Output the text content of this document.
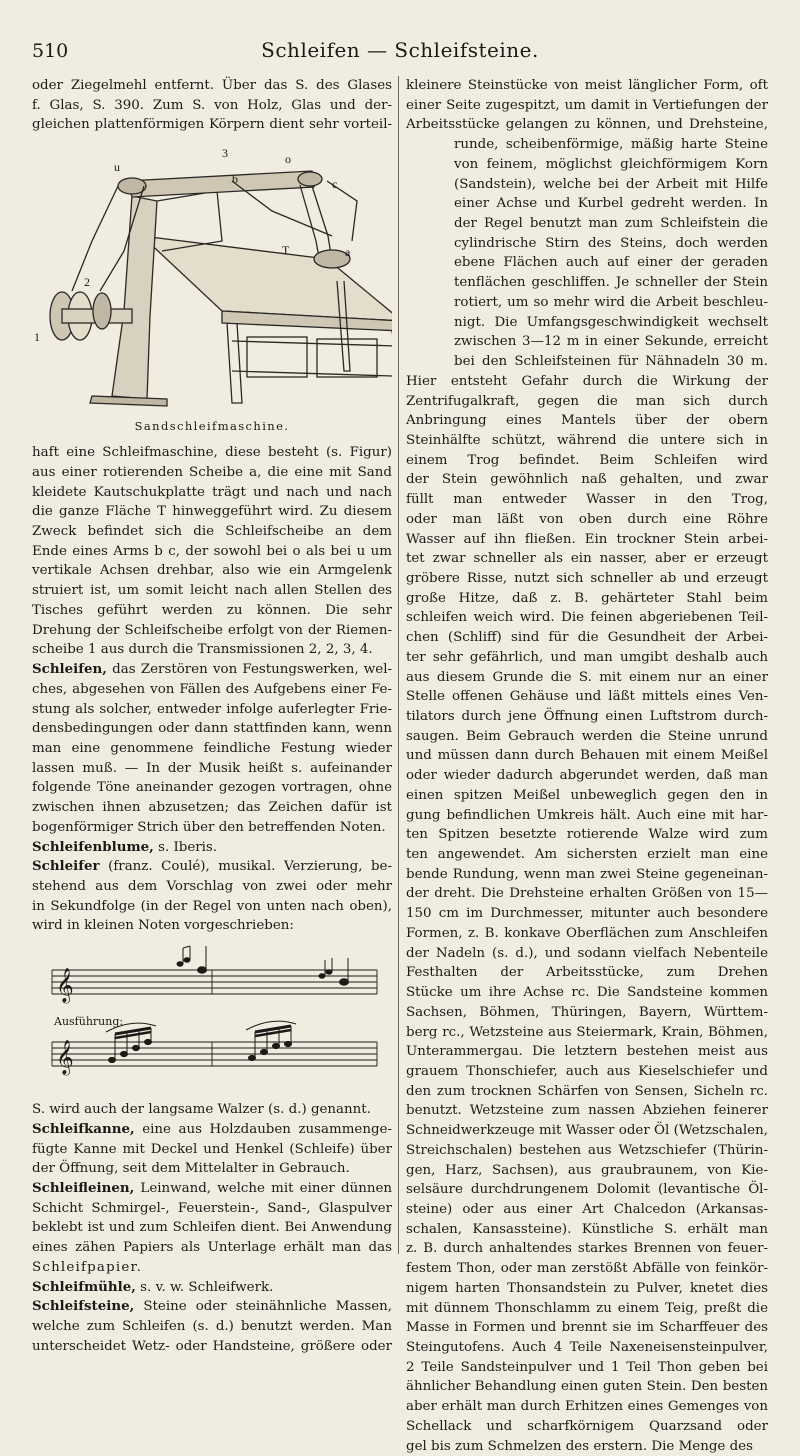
510	Schleifen — Schleifsteine.
oder Ziegelmehl entfernt. Über das S. des Glases
f. Glas, S. 390. Zum S. von Holz, Glas und der-
gleichen plattenförmigen Körpern dient sehr vorteil-
3
u
b
o
c
2
T	a
1
Sandschleifmaschine.
haft eine Schleifmaschine, diese besteht (s. Figur)
aus einer rotierenden Scheibe a, die eine mit Sand
kleidete Kautschukplatte trägt und nach und nach
die ganze Fläche T hinweggeführt wird. Zu diesem
Zweck befindet sich die Schleifscheibe an dem
Ende eines Arms b c, der sowohl bei o als bei u um
vertikale Achsen drehbar, also wie ein Armgelenk
struiert ist, um somit leicht nach allen Stellen des
Tisches geführt werden zu können. Die sehr
Drehung der Schleifscheibe erfolgt von der Riemen-
scheibe 1 aus durch die Transmissionen 2, 2, 3, 4.
Schleifen, das Zerstören von Festungswerken, wel-
ches, abgesehen von Fällen des Aufgebens einer Fe-
stung als solcher, entweder infolge auferlegter Frie-
densbedingungen oder dann stattfinden kann, wenn
man eine genommene feindliche Festung wieder
lassen muß. — In der Musik heißt s. aufeinander
folgende Töne aneinander gezogen vortragen, ohne
zwischen ihnen abzusetzen; das Zeichen dafür ist
bogenförmiger Strich über den betreffenden Noten.
Schleifenblume, s. Iberis.
Schleifer (franz. Coulé), musikal. Verzierung, be-
stehend aus dem Vorschlag von zwei oder mehr
in Sekundfolge (in der Regel von unten nach oben),
wird in kleinen Noten vorgeschrieben:
𝄞
𝄞
Ausführung:
S. wird auch der langsame Walzer (s. d.) genannt.
Schleifkanne, eine aus Holzdauben zusammenge-
fügte Kanne mit Deckel und Henkel (Schleife) über
der Öffnung, seit dem Mittelalter in Gebrauch.
Schleifleinen, Leinwand, welche mit einer dünnen
Schicht Schmirgel-, Feuerstein-, Sand-, Glaspulver
beklebt ist und zum Schleifen dient. Bei Anwendung
eines zähen Papiers als Unterlage erhält man das
Schleifpapier.
Schleifmühle, s. v. w. Schleifwerk.
Schleifsteine, Steine oder steinähnliche Massen,
welche zum Schleifen (s. d.) benutzt werden. Man
unterscheidet Wetz- oder Handsteine, größere oder
kleinere Steinstücke von meist länglicher Form, oft
einer Seite zugespitzt, um damit in Vertiefungen der
Arbeitsstücke gelangen zu können, und Drehsteine,
runde, scheibenförmige, mäßig harte Steine
von feinem, möglichst gleichförmigem Korn
(Sandstein), welche bei der Arbeit mit Hilfe
einer Achse und Kurbel gedreht werden. In
der Regel benutzt man zum Schleifstein die
cylindrische Stirn des Steins, doch werden
ebene Flächen auch auf einer der geraden
tenflächen geschliffen. Je schneller der Stein
rotiert, um so mehr wird die Arbeit beschleu-
nigt. Die Umfangsgeschwindigkeit wechselt
zwischen 3—12 m in einer Sekunde, erreicht
bei den Schleifsteinen für Nähnadeln 30 m.
Hier entsteht Gefahr durch die Wirkung der
Zentrifugalkraft, gegen die man sich durch
Anbringung eines Mantels über der obern
Steinhälfte schützt, während die untere sich in
einem Trog befindet. Beim Schleifen wird
der Stein gewöhnlich naß gehalten, und zwar
füllt man entweder Wasser in den Trog,
oder man läßt von oben durch eine Röhre
Wasser auf ihn fließen. Ein trockner Stein arbei-
tet zwar schneller als ein nasser, aber er erzeugt
gröbere Risse, nutzt sich schneller ab und erzeugt
große Hitze, daß z. B. gehärteter Stahl beim
schleifen weich wird. Die feinen abgeriebenen Teil-
chen (Schliff) sind für die Gesundheit der Arbei-
ter sehr gefährlich, und man umgibt deshalb auch
aus diesem Grunde die S. mit einem nur an einer
Stelle offenen Gehäuse und läßt mittels eines Ven-
tilators durch jene Öffnung einen Luftstrom durch-
saugen. Beim Gebrauch werden die Steine unrund
und müssen dann durch Behauen mit einem Meißel
oder wieder dadurch abgerundet werden, daß man
einen spitzen Meißel unbeweglich gegen den in
gung befindlichen Umkreis hält. Auch eine mit har-
ten Spitzen besetzte rotierende Walze wird zum
ten angewendet. Am sichersten erzielt man eine
bende Rundung, wenn man zwei Steine gegeneinan-
der dreht. Die Drehsteine erhalten Größen von 15—
150 cm im Durchmesser, mitunter auch besondere
Formen, z. B. konkave Oberflächen zum Anschleifen
der Nadeln (s. d.), und sodann vielfach Nebenteile
Festhalten der Arbeitsstücke, zum Drehen
Stücke um ihre Achse rc. Die Sandsteine kommen
Sachsen, Böhmen, Thüringen, Bayern, Württem-
berg rc., Wetzsteine aus Steiermark, Krain, Böhmen,
Unterammergau. Die letztern bestehen meist aus
grauem Thonschiefer, auch aus Kieselschiefer und
den zum trocknen Schärfen von Sensen, Sicheln rc.
benutzt. Wetzsteine zum nassen Abziehen feinerer
Schneidwerkzeuge mit Wasser oder Öl (Wetzschalen,
Streichschalen) bestehen aus Wetzschiefer (Thürin-
gen, Harz, Sachsen), aus graubraunem, von Kie-
selsäure durchdrungenem Dolomit (levantische Öl-
steine) oder aus einer Art Chalcedon (Arkansas-
schalen, Kansassteine). Künstliche S. erhält man
z. B. durch anhaltendes starkes Brennen von feuer-
festem Thon, oder man zerstößt Abfälle von feinkör-
nigem harten Thonsandstein zu Pulver, knetet dies
mit dünnem Thonschlamm zu einem Teig, preßt die
Masse in Formen und brennt sie im Scharffeuer des
Steingutofens. Auch 4 Teile Naxeneisensteinpulver,
2 Teile Sandsteinpulver und 1 Teil Thon geben bei
ähnlicher Behandlung einen guten Stein. Den besten
aber erhält man durch Erhitzen eines Gemenges von
Schellack und scharfkörnigem Quarzsand oder
gel bis zum Schmelzen des erstern. Die Menge des
